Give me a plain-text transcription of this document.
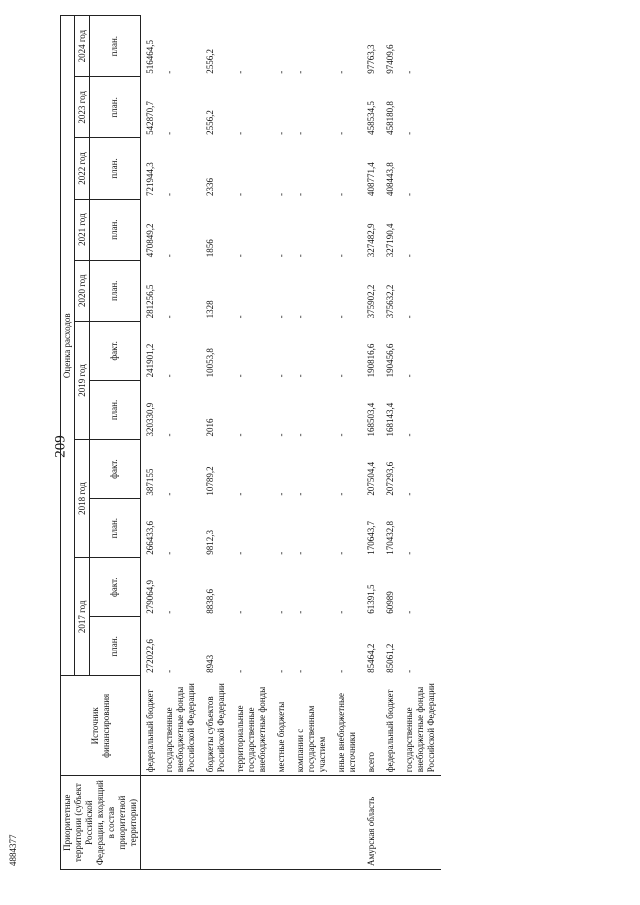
209
4884377	Приоритетные территории (субъект Российской Федерации, входящий в состав приоритетной территории)	Источник финансирования	Оценка расходов										
		2017 год		2018 год		2019 год		2020 год	2021 год	2022 год	2023 год	2024 год
		план.	факт.	план.	факт.	план.	факт.	план.	план.	план.	план.	план.
	федеральный бюджет	272022,6	279064,9	266433,6	387155	320330,9	241901,2	281256,5	470849,2	721944,3	542870,7	516464,5
	государственные внебюджетные фонды Российской Федерации	-	-	-	-	-	-	-	-	-	-	-
	бюджеты субъектов Российской Федерации	8943	8838,6	9812,3	10789,2	2016	10053,8	1328	1856	2336	2556,2	2556,2
	территориальные государственные внебюджетные фонды	-	-	-	-	-	-	-	-	-	-	-
	местные бюджеты	-	-	-	-	-	-	-	-	-	-	-
	компании с государственным участием	-	-	-	-	-	-	-	-	-	-	-
	иные внебюджетные источники	-	-	-	-	-	-	-	-	-	-	-
Амурская область	всего	85464,2	61391,5	170643,7	207504,4	168503,4	190816,6	375902,2	327482,9	408771,4	458534,5	97763,3
	федеральный бюджет	85061,2	60989	170432,8	207293,6	168143,4	190456,6	375632,2	327190,4	408443,8	458180,8	97409,6
	государственные внебюджетные фонды Российской Федерации	-	-	-	-	-	-	-	-	-	-	-
